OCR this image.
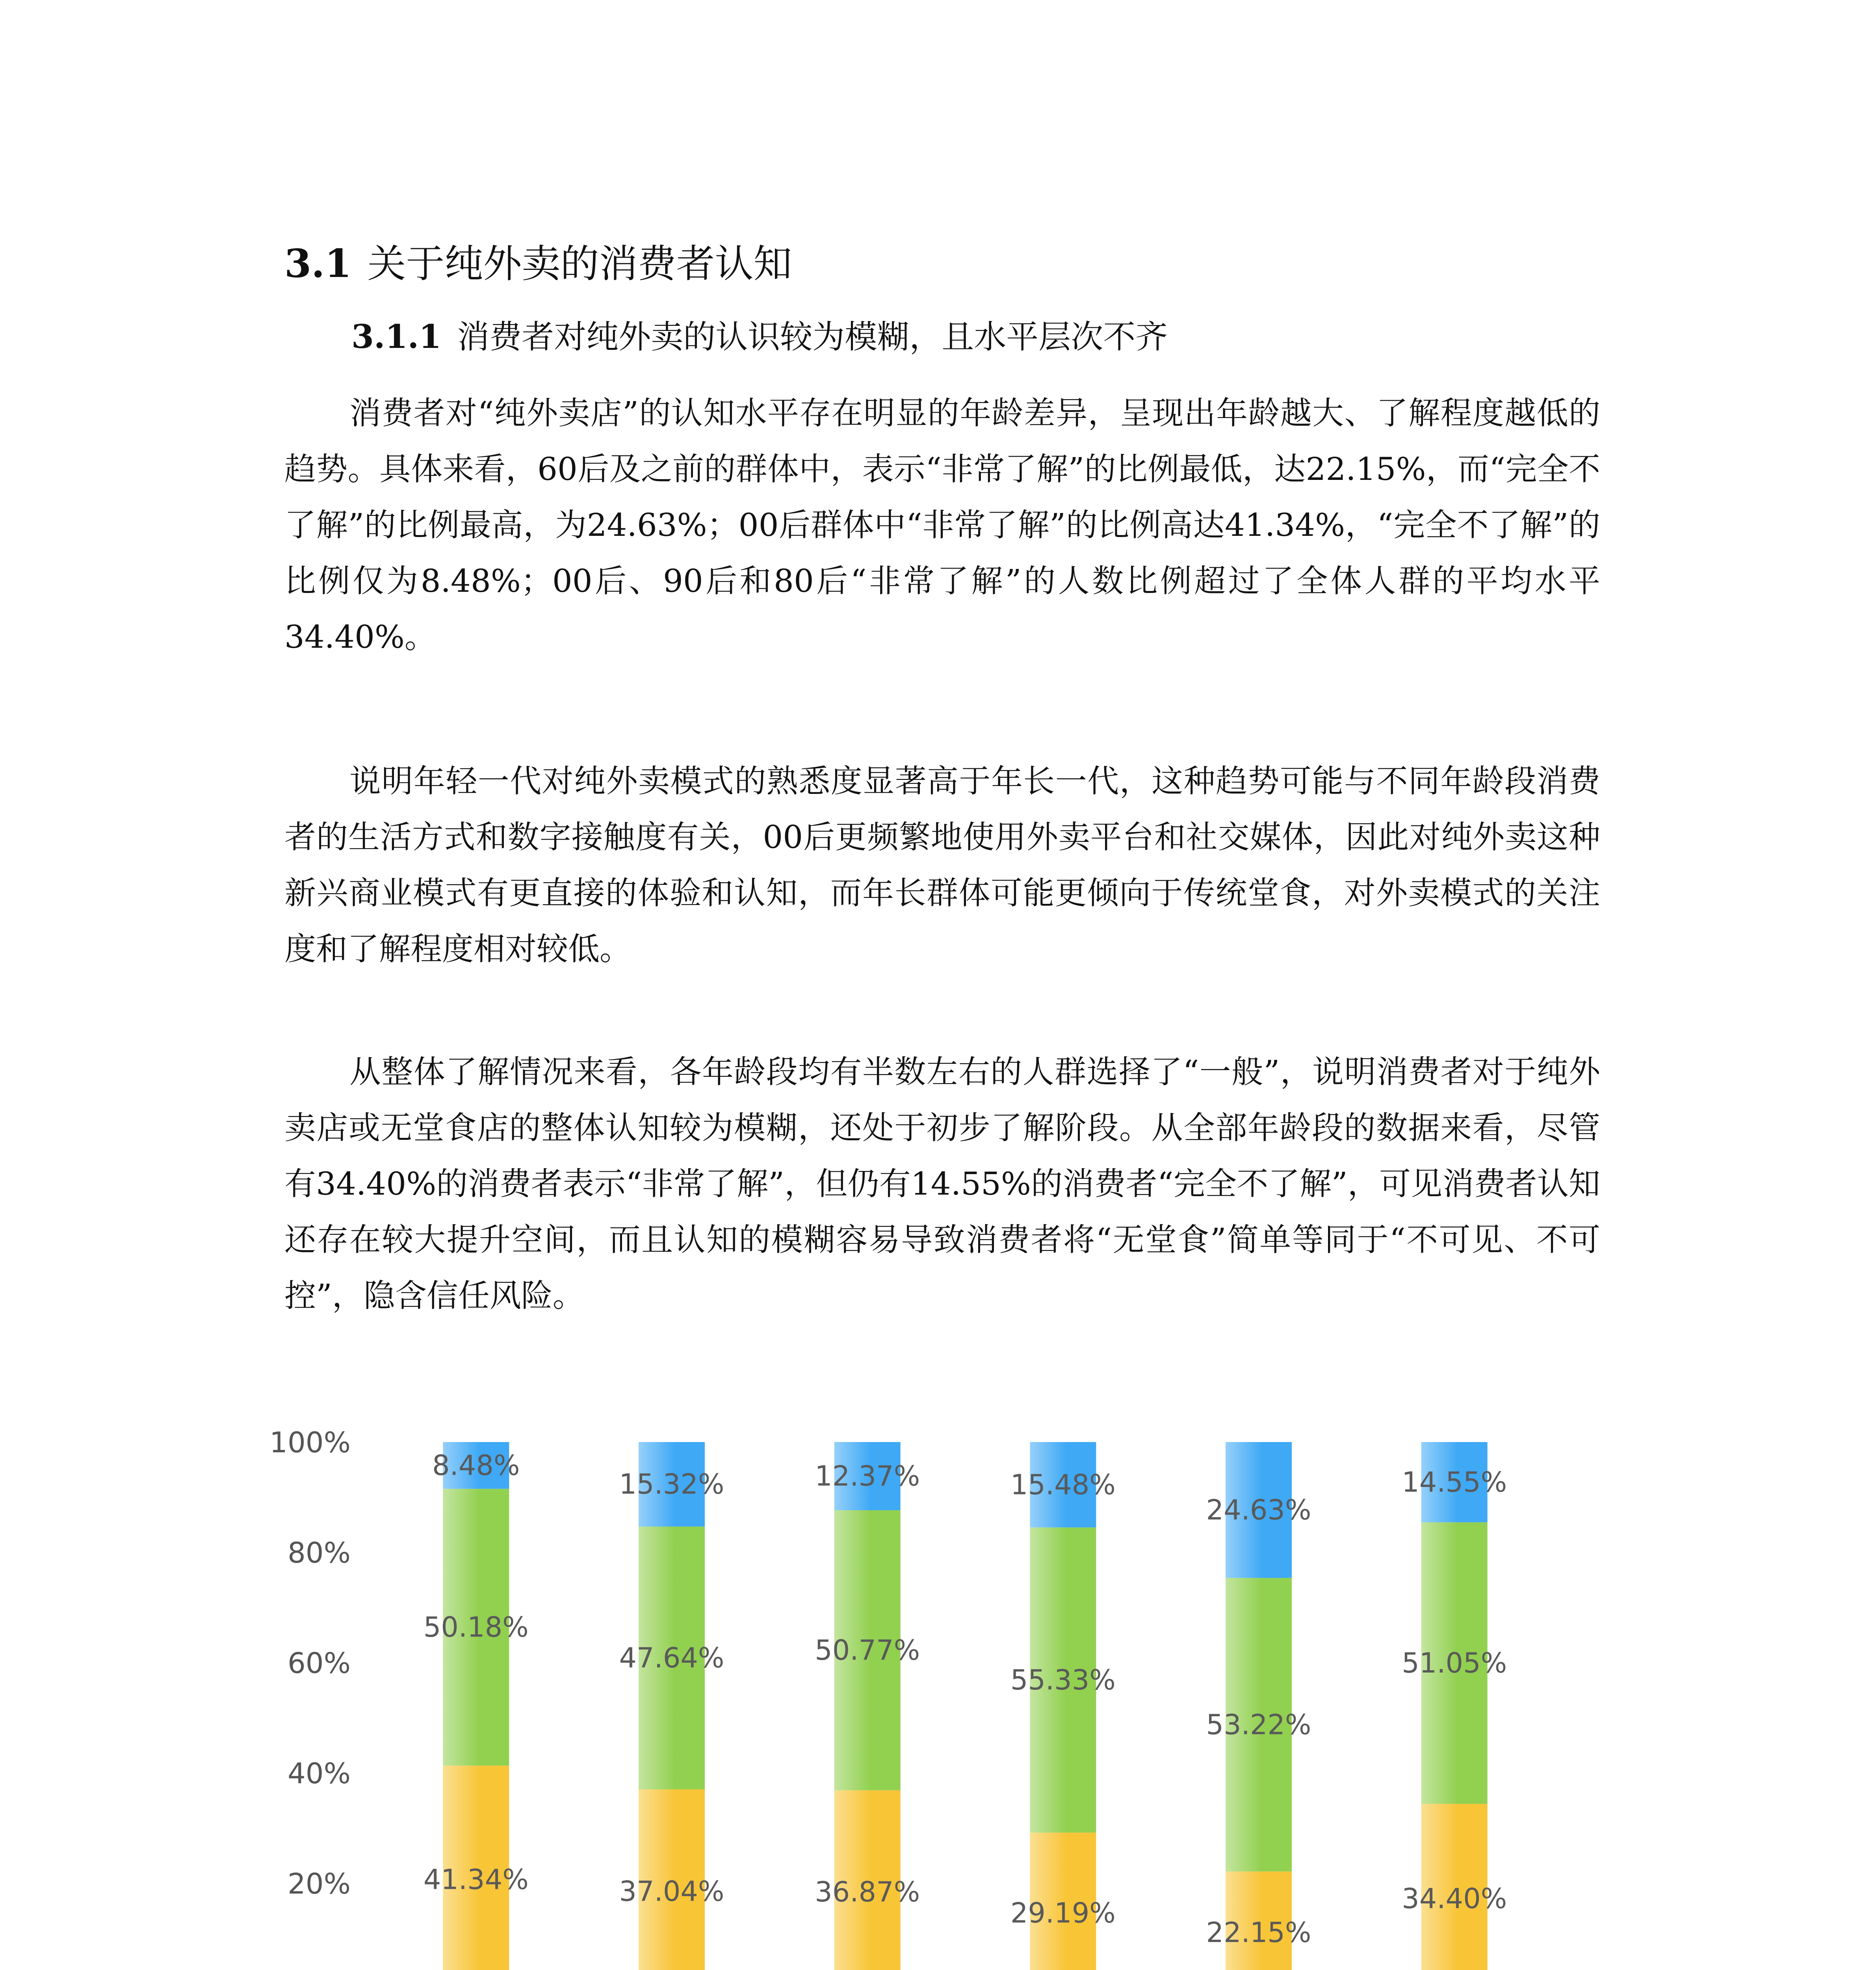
3.1 关于纯外卖的消费者认知
3.1.1 消费者对纯外卖的认识较为模糊，且水平层次不齐

消费者对“纯外卖店”的认知水平存在明显的年龄差异，呈现出年龄越大、了解程度越低的趋势。具体来看，60后及之前的群体中，表示“非常了解”的比例最低，达22.15%，而“完全不了解”的比例最高，为24.63%；00后群体中“非常了解”的比例高达41.34%，“完全不了解”的比例仅为8.48%；00后、90后和80后“非常了解”的人数比例超过了全体人群的平均水平34.40%。

说明年轻一代对纯外卖模式的熟悉度显著高于年长一代，这种趋势可能与不同年龄段消费者的生活方式和数字接触度有关，00后更频繁地使用外卖平台和社交媒体，因此对纯外卖这种新兴商业模式有更直接的体验和认知，而年长群体可能更倾向于传统堂食，对外卖模式的关注度和了解程度相对较低。

从整体了解情况来看，各年龄段均有半数左右的人群选择了“一般”，说明消费者对于纯外卖店或无堂食店的整体认知较为模糊，还处于初步了解阶段。从全部年龄段的数据来看，尽管有34.40%的消费者表示“非常了解”，但仍有14.55%的消费者“完全不了解”，可见消费者认知还存在较大提升空间，而且认知的模糊容易导致消费者将“无堂食”简单等同于“不可见、不可控”，隐含信任风险。

20%
40%
60%
80%
100%
41.34%
50.18%
8.48%
37.04%
47.64%
15.32%
36.87%
50.77%
12.37%
29.19%
55.33%
15.48%
22.15%
53.22%
24.63%
34.40%
51.05%
14.55%
